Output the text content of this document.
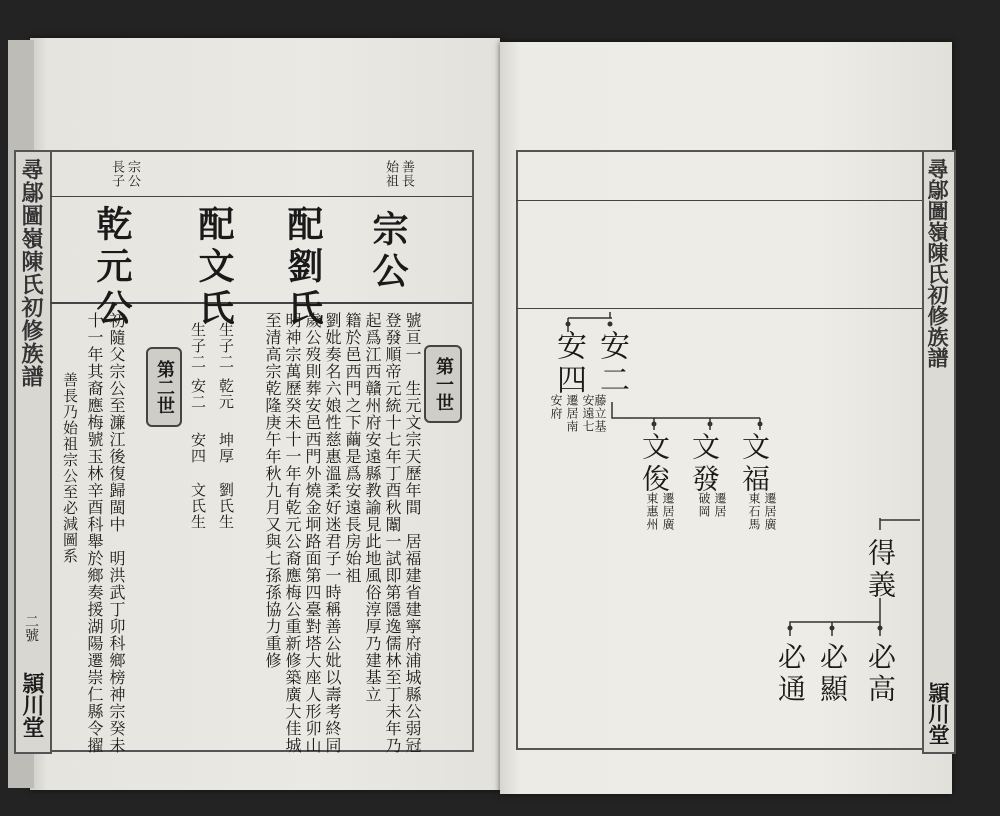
尋鄔圖嶺陳氏初修族譜
二號
頴川堂
善長乃始祖宗公至必減圖系
宗公
長子	善長
始祖
宗公
配劉氏
配文氏
乾元公
第一世
第二世	號亘一　生元文宗天歷年間　居福建省建寧府浦城縣公弱冠
登發順帝元統十七年丁酉秋闈一試即第隱逸儒林至丁未年乃
起爲江西贛州府安遠縣教諭見此地風俗淳厚乃建基立
籍於邑西門之下繭是爲安遠長房始祖
劉妣奏名六娘性慈惠溫柔好迷君子一時稱善公妣以壽考終同
歲公歿則葬安邑西門外燒金坰路面第四臺對塔大座人形卯山
明神宗萬歷癸未十一年有乾元公裔應梅公重新修築廣大佳城
至清高宗乾隆庚午年秋九月又與七孫孫協力重修
生子二
乾元
坤厚
劉氏生
生子二
安二
安四
文氏生
初隨父宗公至濂江後復歸閩中　明洪武丁卯科鄉榜神宗癸未
十一年其裔應梅號玉林辛酉科舉於鄉奏援湖陽遷崇仁縣令擢
尋鄔圖嶺陳氏初修族譜
頴川堂
安二
安遠七
藤立基
安四
遷居南
安府
文福
遷居廣
東石馬
文發
遷居
破岡
文俊
遷居廣
東惠州
得義
必高
必顯
必通
